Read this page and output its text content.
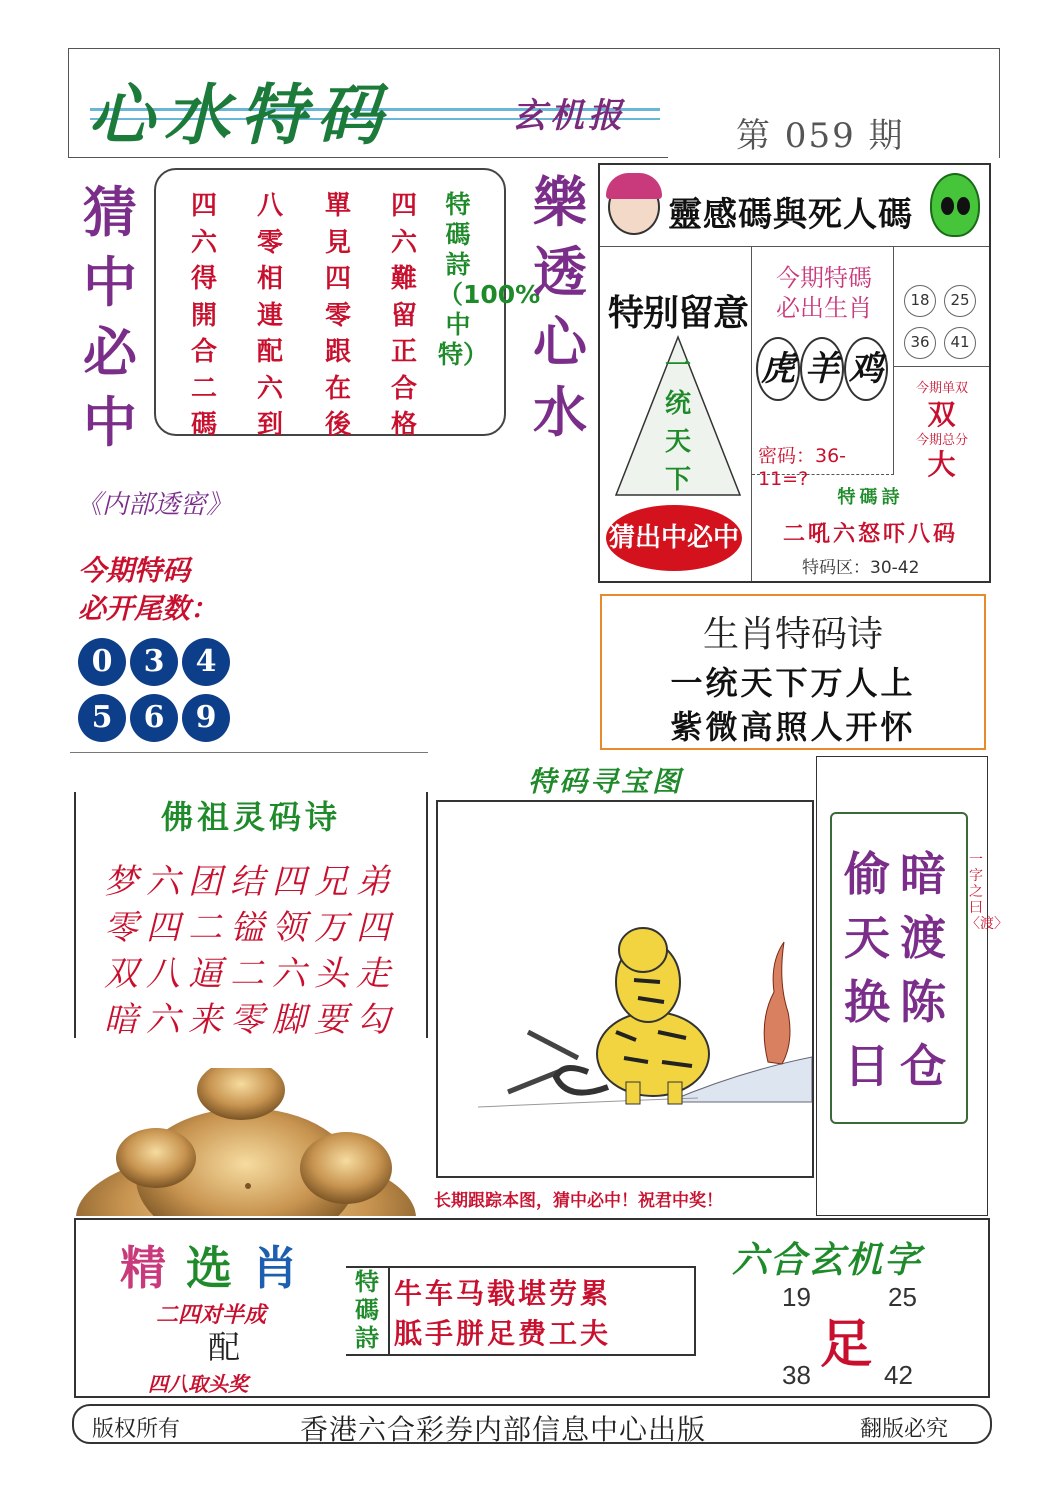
心水特码	玄机报	第 059 期
猜
中
必
中
四
六
得
開
合
二
碼
八
零
相
連
配
六
到
單
見
四
零
跟
在
後
四
六
難
留
正
合
格
特碼詩（100%中特）
樂
透
心
水
靈感碼與死人碼
特别留意
一
统
天
下
猜出中必中
今期特碼
必出生肖
虎 羊 鸡
密码：36-11=?
18	25
36	41
今期单双
双
今期总分
大
特碼詩
二吼六怒吓八码
特码区：30-42
《内部透密》
今期特码
必开尾数：
0	3	4
5	6	9
生肖特码诗
一统天下万人上
紫微高照人开怀
佛祖灵码诗
梦六团结四兄弟
零四二镒领万四
双八逼二六头走
暗六来零脚要勾
特码寻宝图
长期跟踪本图，猜中必中！祝君中奖！
偷
天
换
日
暗
渡
陈
仓
一字之曰〈渡〉
精选肖
二四对半成
配
四八取头奖
特
碼
詩
牛车马载堪劳累
胝手胼足费工夫
六合玄机字
19	25
38	42
足
版权所有	香港六合彩券内部信息中心出版	翻版必究
